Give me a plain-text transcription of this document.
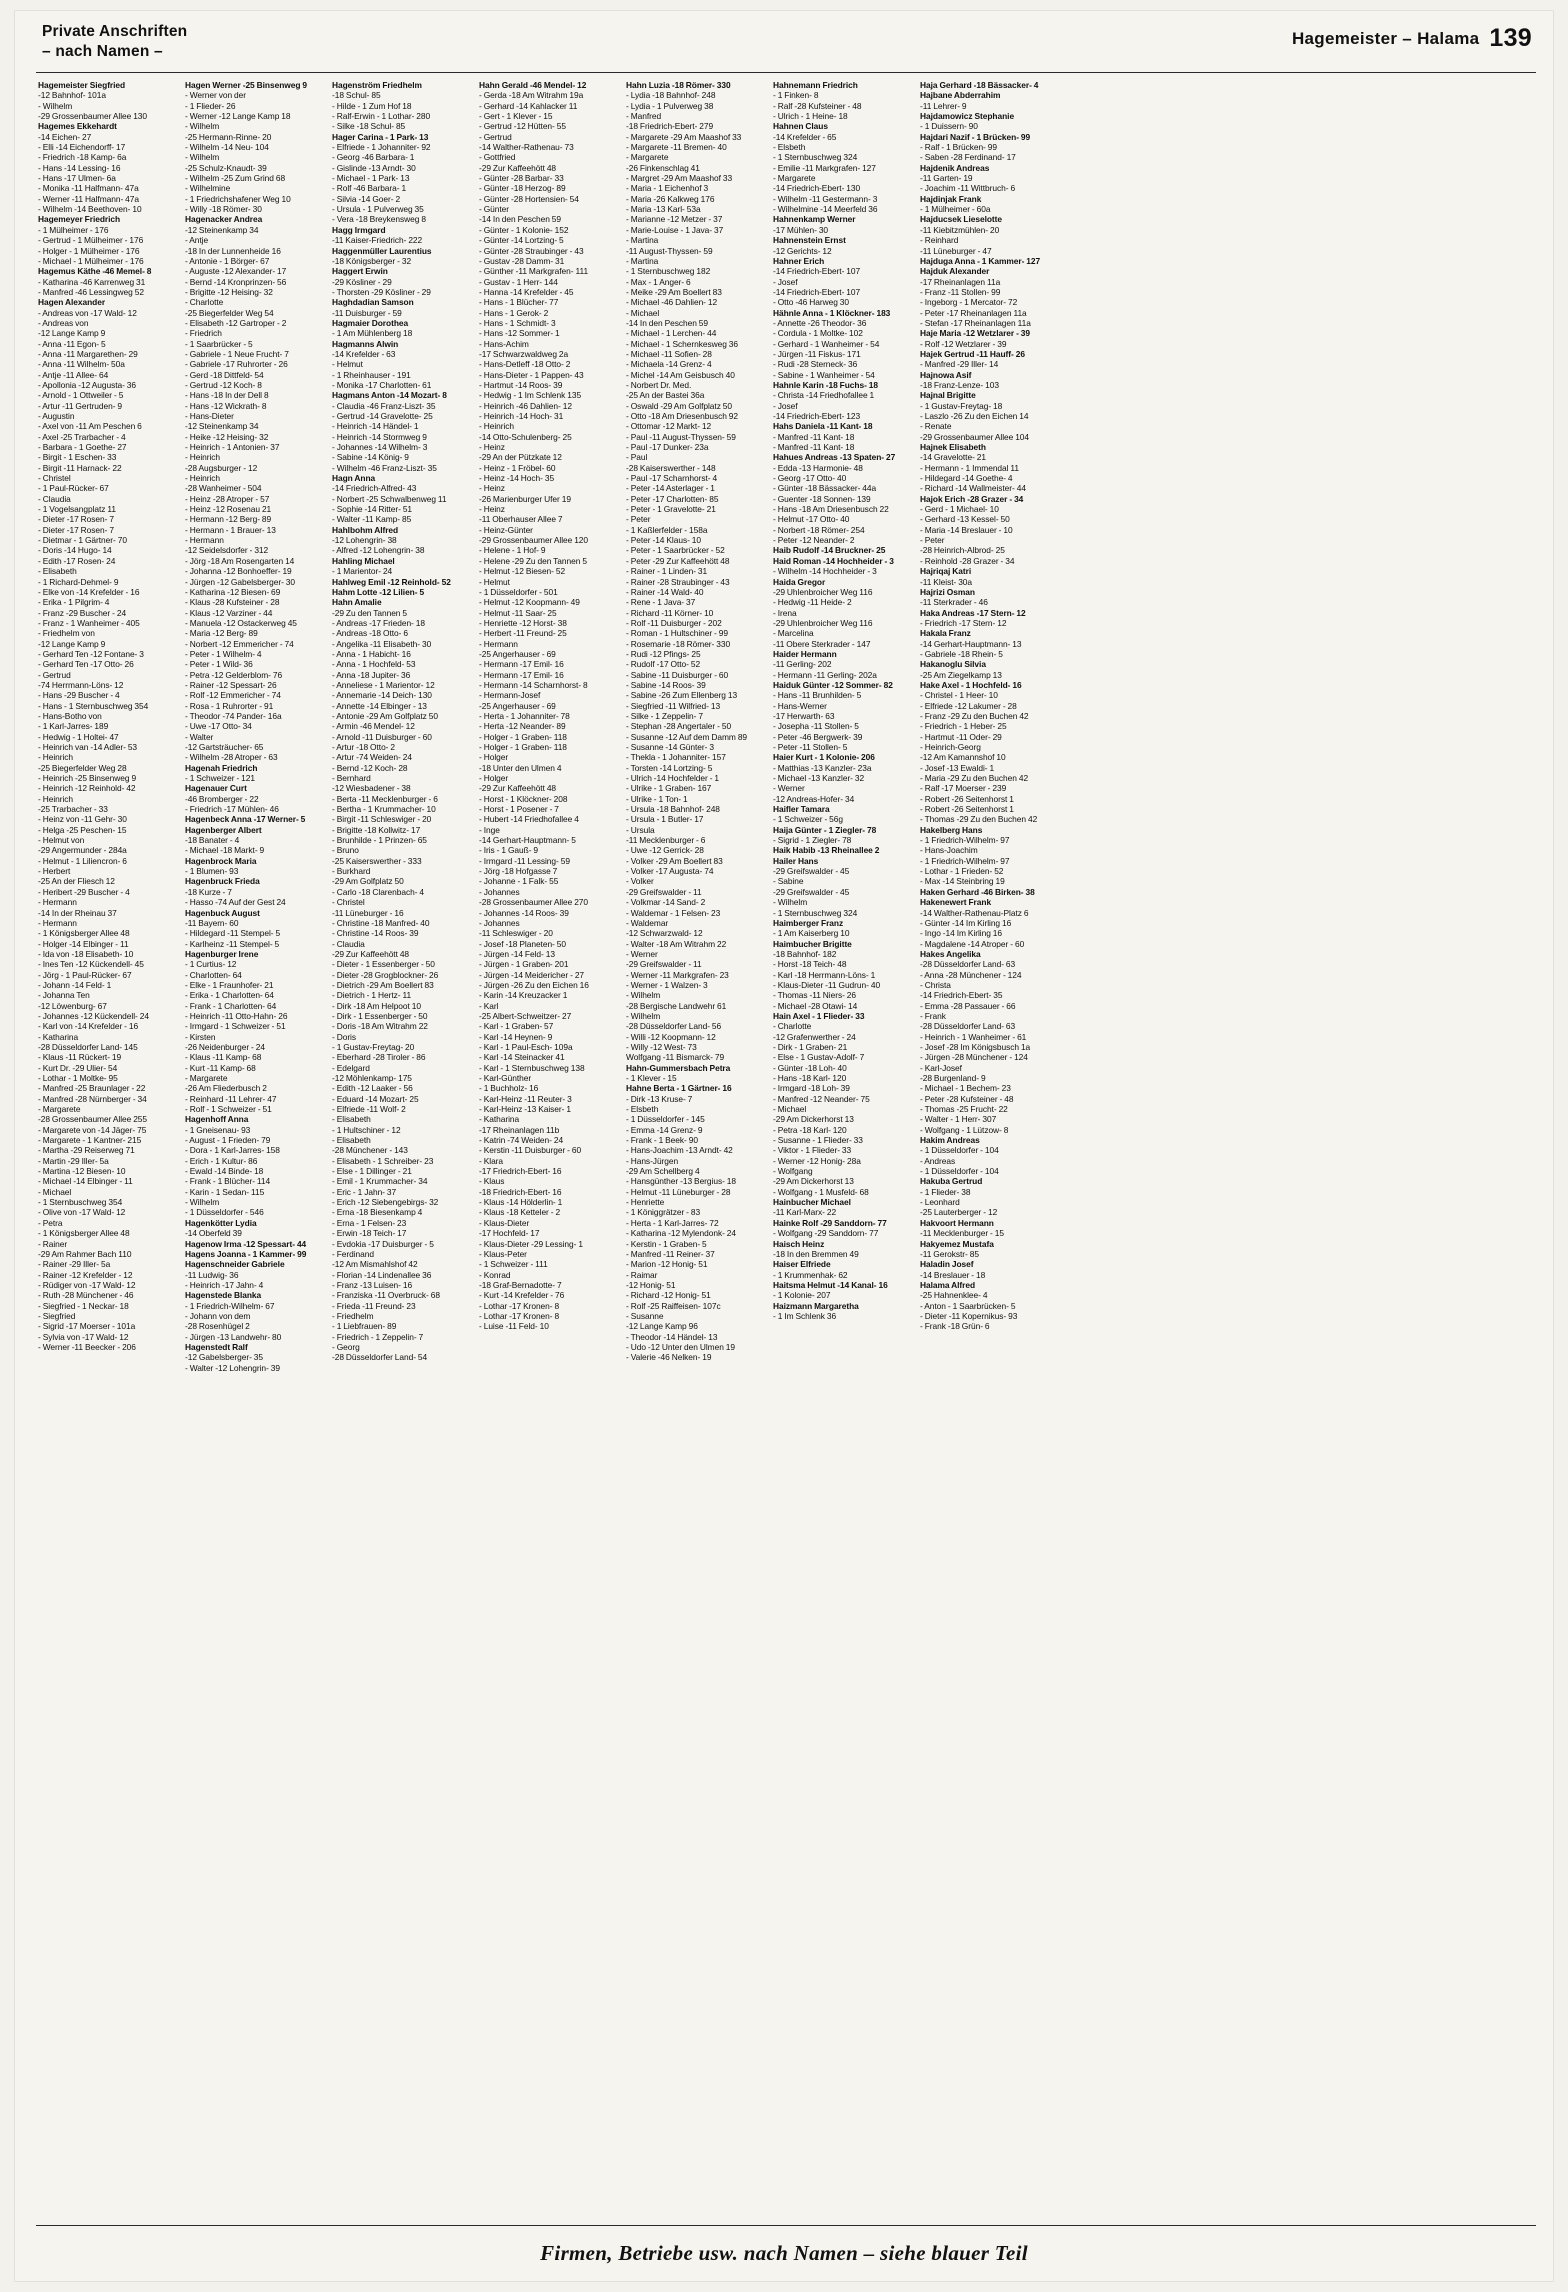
Private Anschriften
– nach Namen –
Hagemeister – Halama 139
Hagemeister Siegfried
-12 Bahnhof- 101a
- Wilhelm
-29 Grossenbaumer Allee 130
Hagemes Ekkehardt
-14 Eichen- 27
- Elli -14 Eichendorff- 17
- Friedrich -18 Kamp- 6a
- Hans -14 Lessing- 16
- Hans -17 Ulmen- 6a
- Monika -11 Halfmann- 47a
- Werner -11 Halfmann- 47a
- Wilhelm -14 Beethoven- 10
Hagemeyer Friedrich
- 1 Mülheimer - 176
- Gertrud - 1 Mülheimer - 176
- Holger - 1 Mülheimer - 176
- Michael - 1 Mülheimer - 176
Hagemus Käthe -46 Memel- 8
- Katharina -46 Karrenweg 31
- Manfred -46 Lessingweg 52
Hagen Alexander
- Andreas von -17 Wald- 12
- Andreas von
-12 Lange Kamp 9
- Anna -11 Egon- 5
- Anna -11 Margarethen- 29
- Anna -11 Wilhelm- 50a
- Antje -11 Allee- 64
- Apollonia -12 Augusta- 36
- Arnold - 1 Ottweiler - 5
- Artur -11 Gertruden- 9
- Augustin
- Axel von -11 Am Peschen 6
- Axel -25 Trarbacher - 4
- Barbara - 1 Goethe- 27
- Birgit - 1 Eschen- 33
- Birgit -11 Harnack- 22
- Christel
- 1 Paul-Rücker- 67
- Claudia
- 1 Vogelsangplatz 11
- Dieter -17 Rosen- 7
- Dieter -17 Rosen- 7
- Dietmar - 1 Gärtner- 70
- Doris -14 Hugo- 14
- Edith -17 Rosen- 24
- Elisabeth
- 1 Richard-Dehmel- 9
- Elke von -14 Krefelder - 16
- Erika - 1 Pilgrim- 4
- Franz -29 Buscher - 24
- Franz - 1 Wanheimer - 405
- Friedhelm von
-12 Lange Kamp 9
- Gerhard Ten -12 Fontane- 3
- Gerhard Ten -17 Otto- 26
- Gertrud
-74 Herrmann-Löns- 12
- Hans -29 Buscher - 4
- Hans - 1 Sternbuschweg 354
- Hans-Botho von
- 1 Karl-Jarres- 189
- Hedwig - 1 Holtei- 47
- Heinrich van -14 Adler- 53
- Heinrich
-25 Biegerfelder Weg 28
- Heinrich -25 Binsenweg 9
- Heinrich -12 Reinhold- 42
- Heinrich
-25 Trarbacher - 33
- Heinz von -11 Gehr- 30
- Helga -25 Peschen- 15
- Helmut von
-29 Angermunder - 284a
- Helmut - 1 Liliencron- 6
- Herbert
-25 An der Fliesch 12
- Heribert -29 Buscher - 4
- Hermann
-14 In der Rheinau 37
- Hermann
- 1 Königsberger Allee 48
- Holger -14 Elbinger - 11
- Ida von -18 Elisabeth- 10
- Ines Ten -12 Kückendell- 45
- Jörg - 1 Paul-Rücker- 67
- Johann -14 Feld- 1
- Johanna Ten
-12 Löwenburg- 67
- Johannes -12 Kückendell- 24
- Karl von -14 Krefelder - 16
- Katharina
-28 Düsseldorfer Land- 145
- Klaus -11 Rückert- 19
- Kurt Dr. -29 Ulier- 54
- Lothar - 1 Moltke- 95
- Manfred -25 Braunlager - 22
- Manfred -28 Nürnberger - 34
- Margarete
-28 Grossenbaumer Allee 255
- Margarete von -14 Jäger- 75
- Margarete - 1 Kantner- 215
- Martha -29 Reiserweg 71
- Martin -29 Iller- 5a
- Martina -12 Biesen- 10
- Michael -14 Elbinger - 11
- Michael
- 1 Sternbuschweg 354
- Olive von -17 Wald- 12
- Petra
- 1 Königsberger Allee 48
- Rainer
-29 Am Rahmer Bach 110
- Rainer -29 Iller- 5a
- Rainer -12 Krefelder - 12
- Rüdiger von -17 Wald- 12
- Ruth -28 Münchener - 46
- Siegfried - 1 Neckar- 18
- Siegfried
- Sigrid -17 Moerser - 101a
- Sylvia von -17 Wald- 12
- Werner -11 Beecker - 206
Hagen Werner -25 Binsenweg 9
- Werner von der
- 1 Flieder- 26
- Werner -12 Lange Kamp 18
- Wilhelm
-25 Hermann-Rinne- 20
- Wilhelm -14 Neu- 104
- Wilhelm
-25 Schulz-Knaudt- 39
- Wilhelm -25 Zum Grind 68
- Wilhelmine
- 1 Friedrichshafener Weg 10
- Willy -18 Römer- 30
Hagenacker Andrea
-12 Steinenkamp 34
- Antje
-18 In der Lunnenheide 16
- Antonie - 1 Börger- 67
- Auguste -12 Alexander- 17
- Bernd -14 Kronprinzen- 56
- Brigitte -12 Heising- 32
- Charlotte
-25 Biegerfelder Weg 54
- Elisabeth -12 Gartroper - 2
- Friedrich
- 1 Saarbrücker - 5
- Gabriele - 1 Neue Frucht- 7
- Gabriele -17 Ruhrorter - 26
- Gerd -18 Dittfeld- 54
- Gertrud -12 Koch- 8
- Hans -18 In der Dell 8
- Hans -12 Wickrath- 8
- Hans-Dieter
-12 Steinenkamp 34
- Heike -12 Heising- 32
- Heinrich - 1 Antonien- 37
- Heinrich
-28 Augsburger - 12
- Heinrich
-28 Wanheimer - 504
- Heinz -28 Atroper - 57
- Heinz -12 Rosenau 21
- Hermann -12 Berg- 89
- Hermann - 1 Brauer- 13
- Hermann
-12 Seidelsdorfer - 312
- Jörg -18 Am Rosengarten 14
- Johanna -12 Bonhoeffer- 19
- Jürgen -12 Gabelsberger- 30
- Katharina -12 Biesen- 69
- Klaus -28 Kufsteiner - 28
- Klaus -12 Varziner - 44
- Manuela -12 Ostackerweg 45
- Maria -12 Berg- 89
- Norbert -12 Emmericher - 74
- Peter - 1 Wilhelm- 4
- Peter - 1 Wild- 36
- Petra -12 Gelderblom- 76
- Rainer -12 Spessart- 26
- Rolf -12 Emmericher - 74
- Rosa - 1 Ruhrorter - 91
- Theodor -74 Pander- 16a
- Uwe -17 Otto- 34
- Walter
-12 Gartsträucher- 65
- Wilhelm -28 Atroper - 63
Hagenah Friedrich
- 1 Schweizer - 121
Hagenauer Curt
-46 Bromberger - 22
- Friedrich -17 Mühlen- 46
Hagenbeck Anna -17 Werner- 5
Hagenberger Albert
-18 Banater - 4
- Michael -18 Markt- 9
Hagenbrock Maria
- 1 Blumen- 93
Hagenbruck Frieda
-18 Kurze - 7
- Hasso -74 Auf der Gest 24
Hagenbuck August
-11 Bayern- 60
- Hildegard -11 Stempel- 5
- Karlheinz -11 Stempel- 5
Hagenburger Irene
- 1 Curtius- 12
- Charlotten- 64
- Elke - 1 Fraunhofer- 21
- Erika - 1 Charlotten- 64
- Frank - 1 Charlotten- 64
- Heinrich -11 Otto-Hahn- 26
- Irmgard - 1 Schweizer - 51
- Kirsten
-26 Neidenburger - 24
- Klaus -11 Kamp- 68
- Kurt -11 Kamp- 68
- Margarete
-26 Am Fliederbusch 2
- Reinhard -11 Lehrer- 47
- Rolf - 1 Schweizer - 51
Hagenhoff Anna
- 1 Gneisenau- 93
- August - 1 Frieden- 79
- Dora - 1 Karl-Jarres- 158
- Erich - 1 Kultur- 86
- Ewald -14 Binde- 18
- Frank - 1 Blücher- 114
- Karin - 1 Sedan- 115
- Wilhelm
- 1 Düsseldorfer - 546
Hagenkötter Lydia
-14 Oberfeld 39
Hagenow Irma -12 Spessart- 44
Hagens Joanna - 1 Kammer- 99
Hagenschneider Gabriele
-11 Ludwig- 36
- Heinrich -17 Jahn- 4
Hagenstede Blanka
- 1 Friedrich-Wilhelm- 67
- Johann von dem
-28 Rosenhügel 2
- Jürgen -13 Landwehr- 80
Hagenstedt Ralf
-12 Gabelsberger- 35
- Walter -12 Lohengrin- 39
Hagenström Friedhelm
-18 Schul- 85
- Hilde - 1 Zum Hof 18
- Ralf-Erwin - 1 Lothar- 280
- Silke -18 Schul- 85
Hager Carina - 1 Park- 13
- Elfriede - 1 Johanniter- 92
- Georg -46 Barbara- 1
- Gislinde -13 Arndt- 30
- Michael - 1 Park- 13
- Rolf -46 Barbara- 1
- Silvia -14 Goer- 2
- Ursula - 1 Pulverweg 35
- Vera -18 Breykensweg 8
Hagg Irmgard
-11 Kaiser-Friedrich- 222
Haggenmüller Laurentius
-18 Königsberger - 32
Haggert Erwin
-29 Kösliner - 29
- Thorsten -29 Kösliner - 29
Haghdadian Samson
-11 Duisburger - 59
Hagmaier Dorothea
- 1 Am Mühlenberg 18
Hagmanns Alwin
-14 Krefelder - 63
- Helmut
- 1 Rheinhauser - 191
- Monika -17 Charlotten- 61
Hagmans Anton -14 Mozart- 8
- Claudia -46 Franz-Liszt- 35
- Gertrud -14 Gravelotte- 25
- Heinrich -14 Händel- 1
- Heinrich -14 Stormweg 9
- Johannes -14 Wilhelm- 3
- Sabine -14 König- 9
- Wilhelm -46 Franz-Liszt- 35
Hagn Anna
-14 Friedrich-Alfred- 43
- Norbert -25 Schwalbenweg 11
- Sophie -14 Ritter- 51
- Walter -11 Kamp- 85
Hahlbohm Alfred
-12 Lohengrin- 38
- Alfred -12 Lohengrin- 38
Hahling Michael
- 1 Marientor- 24
Hahlweg Emil -12 Reinhold- 52
Hahm Lotte -12 Lilien- 5
Hahn Amalie
-29 Zu den Tannen 5
- Andreas -17 Frieden- 18
- Andreas -18 Otto- 6
- Angelika -11 Elisabeth- 30
- Anna - 1 Habicht- 16
- Anna - 1 Hochfeld- 53
- Anna -18 Jupiter- 36
- Anneliese - 1 Marientor- 12
- Annemarie -14 Deich- 130
- Annette -14 Elbinger - 13
- Antonie -29 Am Golfplatz 50
- Armin -46 Mendel- 12
- Arnold -11 Duisburger - 60
- Artur -18 Otto- 2
- Artur -74 Weiden- 24
- Bernd -12 Koch- 28
- Bernhard
-12 Wiesbadener - 38
- Berta -11 Mecklenburger - 6
- Bertha - 1 Krummacher- 10
- Birgit -11 Schleswiger - 20
- Brigitte -18 Kollwitz- 17
- Brunhilde - 1 Prinzen- 65
- Bruno
-25 Kaiserswerther - 333
- Burkhard
-29 Am Golfplatz 50
- Carlo -18 Clarenbach- 4
- Christel
-11 Lüneburger - 16
- Christine -18 Manfred- 40
- Christine -14 Roos- 39
- Claudia
-29 Zur Kaffeehött 48
- Dieter - 1 Essenberger - 50
- Dieter -28 Grogblockner- 26
- Dietrich -29 Am Boellert 83
- Dietrich - 1 Hertz- 11
- Dirk -18 Am Helpoot 10
- Dirk - 1 Essenberger - 50
- Doris -18 Am Witrahm 22
- Doris
- 1 Gustav-Freytag- 20
- Eberhard -28 Tiroler - 86
- Edelgard
-12 Möhlenkamp- 175
- Edith -12 Laaker - 56
- Eduard -14 Mozart- 25
- Elfriede -11 Wolf- 2
- Elisabeth
- 1 Hultschiner - 12
- Elisabeth
-28 Münchener - 143
- Elisabeth - 1 Schreiber- 23
- Else - 1 Dillinger - 21
- Emil - 1 Krummacher- 34
- Eric - 1 Jahn- 37
- Erich -12 Siebengebirgs- 32
- Erna -18 Biesenkamp 4
- Erna - 1 Felsen- 23
- Erwin -18 Teich- 17
- Evdokia -17 Duisburger - 5
- Ferdinand
-12 Am Mismahlshof 42
- Florian -14 Lindenallee 36
- Franz -13 Luisen- 16
- Franziska -11 Overbruck- 68
- Frieda -11 Freund- 23
- Friedhelm
- 1 Liebfrauen- 89
- Friedrich - 1 Zeppelin- 7
- Georg
-28 Düsseldorfer Land- 54
Hahn Gerald -46 Mendel- 12
- Gerda -18 Am Witrahm 19a
- Gerhard -14 Kahlacker 11
- Gert - 1 Klever - 15
- Gertrud -12 Hütten- 55
- Gertrud
-14 Walther-Rathenau- 73
- Gottfried
-29 Zur Kaffeehött 48
- Günter -28 Barbar- 33
- Günter -18 Herzog- 89
- Günter -28 Hortensien- 54
- Günter
-14 In den Peschen 59
- Günter - 1 Kolonie- 152
- Günter -14 Lortzing- 5
- Günter -28 Straubinger - 43
- Gustav -28 Damm- 31
- Günther -11 Markgrafen- 111
- Gustav - 1 Herr- 144
- Hanna -14 Krefelder - 45
- Hans - 1 Blücher- 77
- Hans - 1 Gerok- 2
- Hans - 1 Schmidt- 3
- Hans -12 Sommer- 1
- Hans-Achim
-17 Schwarzwaldweg 2a
- Hans-Detleff -18 Otto- 2
- Hans-Dieter - 1 Pappen- 43
- Hartmut -14 Roos- 39
- Hedwig - 1 Im Schlenk 135
- Heinrich -46 Dahlien- 12
- Heinrich -14 Hoch- 31
- Heinrich
-14 Otto-Schulenberg- 25
- Heinz
-29 An der Pützkate 12
- Heinz - 1 Fröbel- 60
- Heinz -14 Hoch- 35
- Heinz
-26 Marienburger Ufer 19
- Heinz
-11 Oberhauser Allee 7
- Heinz-Günter
-29 Grossenbaumer Allee 120
- Helene - 1 Hof- 9
- Helene -29 Zu den Tannen 5
- Helmut -12 Biesen- 52
- Helmut
- 1 Düsseldorfer - 501
- Helmut -12 Koopmann- 49
- Helmut -11 Saar- 25
- Henriette -12 Horst- 38
- Herbert -11 Freund- 25
- Hermann
-25 Angerhauser - 69
- Hermann -17 Emil- 16
- Hermann -17 Emil- 16
- Hermann -14 Scharnhorst- 8
- Hermann-Josef
-25 Angerhauser - 69
- Herta - 1 Johanniter- 78
- Herta -12 Neander- 89
- Holger - 1 Graben- 118
- Holger - 1 Graben- 118
- Holger
-18 Unter den Ulmen 4
- Holger
-29 Zur Kaffeehött 48
- Horst - 1 Klöckner- 208
- Horst - 1 Posener - 7
- Hubert -14 Friedhofallee 4
- Inge
-14 Gerhart-Hauptmann- 5
- Iris - 1 Gauß- 9
- Irmgard -11 Lessing- 59
- Jörg -18 Hofgasse 7
- Johanne - 1 Falk- 55
- Johannes
-28 Grossenbaumer Allee 270
- Johannes -14 Roos- 39
- Johannes
-11 Schleswiger - 20
- Josef -18 Planeten- 50
- Jürgen -14 Feld- 13
- Jürgen - 1 Graben- 201
- Jürgen -14 Meidericher - 27
- Jürgen -26 Zu den Eichen 16
- Karin -14 Kreuzacker 1
- Karl
-25 Albert-Schweitzer- 27
- Karl - 1 Graben- 57
- Karl -14 Heynen- 9
- Karl - 1 Paul-Esch- 109a
- Karl -14 Steinacker 41
- Karl - 1 Sternbuschweg 138
- Karl-Günther
- 1 Buchholz- 16
- Karl-Heinz -11 Reuter- 3
- Karl-Heinz -13 Kaiser- 1
- Katharina
-17 Rheinanlagen 11b
- Katrin -74 Weiden- 24
- Kerstin -11 Duisburger - 60
- Klara
-17 Friedrich-Ebert- 16
- Klaus
-18 Friedrich-Ebert- 16
- Klaus -14 Hölderlin- 1
- Klaus -18 Ketteler - 2
- Klaus-Dieter
-17 Hochfeld- 17
- Klaus-Dieter -29 Lessing- 1
- Klaus-Peter
- 1 Schweizer - 111
- Konrad
-18 Graf-Bernadotte- 7
- Kurt -14 Krefelder - 76
- Lothar -17 Kronen- 8
- Lothar -17 Kronen- 8
- Luise -11 Feld- 10
Hahn Luzia -18 Römer- 330
- Lydia -18 Bahnhof- 248
- Lydia - 1 Pulverweg 38
- Manfred
-18 Friedrich-Ebert- 279
- Margarete -29 Am Maashof 33
- Margarete -11 Bremen- 40
- Margarete
-26 Finkenschlag 41
- Margret -29 Am Maashof 33
- Maria - 1 Eichenhof 3
- Maria -26 Kalkweg 176
- Maria -13 Karl- 53a
- Marianne -12 Metzer - 37
- Marie-Louise - 1 Java- 37
- Martina
-11 August-Thyssen- 59
- Martina
- 1 Sternbuschweg 182
- Max - 1 Anger- 6
- Meike -29 Am Boellert 83
- Michael -46 Dahlien- 12
- Michael
-14 In den Peschen 59
- Michael - 1 Lerchen- 44
- Michael - 1 Schernkesweg 36
- Michael -11 Sofien- 28
- Michaela -14 Grenz- 4
- Michel -14 Am Geisbusch 40
- Norbert Dr. Med.
-25 An der Bastei 36a
- Oswald -29 Am Golfplatz 50
- Otto -18 Am Driesenbusch 92
- Ottomar -12 Markt- 12
- Paul -11 August-Thyssen- 59
- Paul -17 Dunker- 23a
- Paul
-28 Kaiserswerther - 148
- Paul -17 Scharnhorst- 4
- Peter -14 Asterlager - 1
- Peter -17 Charlotten- 85
- Peter - 1 Gravelotte- 21
- Peter
- 1 Kaßlerfelder - 158a
- Peter -14 Klaus- 10
- Peter - 1 Saarbrücker - 52
- Peter -29 Zur Kaffeehött 48
- Rainer - 1 Linden- 31
- Rainer -28 Straubinger - 43
- Rainer -14 Wald- 40
- Rene - 1 Java- 37
- Richard -11 Körner- 10
- Rolf -11 Duisburger - 202
- Roman - 1 Hultschiner - 99
- Rosemarie -18 Römer- 330
- Rudi -12 Pfings- 25
- Rudolf -17 Otto- 52
- Sabine -11 Duisburger - 60
- Sabine -14 Roos- 39
- Sabine -26 Zum Ellenberg 13
- Siegfried -11 Wilfried- 13
- Silke - 1 Zeppelin- 7
- Stephan -28 Angertaler - 50
- Susanne -12 Auf dem Damm 89
- Susanne -14 Günter- 3
- Thekla - 1 Johanniter- 157
- Torsten -14 Lortzing- 5
- Ulrich -14 Hochfelder - 1
- Ulrike - 1 Graben- 167
- Ulrike - 1 Ton- 1
- Ursula -18 Bahnhof- 248
- Ursula - 1 Butler- 17
- Ursula
-11 Mecklenburger - 6
- Uwe -12 Gerrick- 28
- Volker -29 Am Boellert 83
- Volker -17 Augusta- 74
- Volker
-29 Greifswalder - 11
- Volkmar -14 Sand- 2
- Waldemar - 1 Felsen- 23
- Waldemar
-12 Schwarzwald- 12
- Walter -18 Am Witrahm 22
- Werner
-29 Greifswalder - 11
- Werner -11 Markgrafen- 23
- Werner - 1 Walzen- 3
- Wilhelm
-28 Bergische Landwehr 61
- Wilhelm
-28 Düsseldorfer Land- 56
- Willi -12 Koopmann- 12
- Willy -12 West- 73
Wolfgang -11 Bismarck- 79
Hahn-Gummersbach Petra
- 1 Klever - 15
Hahne Berta - 1 Gärtner- 16
- Dirk -13 Kruse- 7
- Elsbeth
- 1 Düsseldorfer - 145
- Emma -14 Grenz- 9
- Frank - 1 Beek- 90
- Hans-Joachim -13 Arndt- 42
- Hans-Jürgen
-29 Am Schellberg 4
- Hansgünther -13 Bergius- 18
- Helmut -11 Lüneburger - 28
- Henriette
- 1 Königgrätzer - 83
- Herta - 1 Karl-Jarres- 72
- Katharina -12 Mylendonk- 24
- Kerstin - 1 Graben- 5
- Manfred -11 Reiner- 37
- Marion -12 Honig- 51
- Raimar
-12 Honig- 51
- Richard -12 Honig- 51
- Rolf -25 Raiffeisen- 107c
- Susanne
-12 Lange Kamp 96
- Theodor -14 Händel- 13
- Udo -12 Unter den Ulmen 19
- Valerie -46 Nelken- 19
Hahnemann Friedrich
- 1 Finken- 8
- Ralf -28 Kufsteiner - 48
- Ulrich - 1 Heine- 18
Hahnen Claus
-14 Krefelder - 65
- Elsbeth
- 1 Sternbuschweg 324
- Emilie -11 Markgrafen- 127
- Margarete
-14 Friedrich-Ebert- 130
- Wilhelm -11 Gestermann- 3
- Wilhelmine -14 Meerfeld 36
Hahnenkamp Werner
-17 Mühlen- 30
Hahnenstein Ernst
-12 Gerichts- 12
Hahner Erich
-14 Friedrich-Ebert- 107
- Josef
-14 Friedrich-Ebert- 107
- Otto -46 Harweg 30
Hähnle Anna - 1 Klöckner- 183
- Annette -26 Theodor- 36
- Cordula - 1 Moltke- 102
- Gerhard - 1 Wanheimer - 54
- Jürgen -11 Fiskus- 171
- Rudi -28 Sterneck- 36
- Sabine - 1 Wanheimer - 54
Hahnle Karin -18 Fuchs- 18
- Christa -14 Friedhofallee 1
- Josef
-14 Friedrich-Ebert- 123
Hahs Daniela -11 Kant- 18
- Manfred -11 Kant- 18
- Manfred -11 Kant- 18
Hahues Andreas -13 Spaten- 27
- Edda -13 Harmonie- 48
- Georg -17 Otto- 40
- Günter -18 Bässacker- 44a
- Guenter -18 Sonnen- 139
- Hans -18 Am Driesenbusch 22
- Helmut -17 Otto- 40
- Norbert -18 Römer- 254
- Peter -12 Neander- 2
Haib Rudolf -14 Bruckner- 25
Haid Roman -14 Hochheider - 3
- Wilhelm -14 Hochheider - 3
Haida Gregor
-29 Uhlenbroicher Weg 116
- Hedwig -11 Heide- 2
- Irena
-29 Uhlenbroicher Weg 116
- Marcelina
-11 Obere Sterkrader - 147
Haider Hermann
-11 Gerling- 202
- Hermann -11 Gerling- 202a
Haiduk Günter -12 Sommer- 82
- Hans -11 Brunhilden- 5
- Hans-Werner
-17 Herwarth- 63
- Josepha -11 Stollen- 5
- Peter -46 Bergwerk- 39
- Peter -11 Stollen- 5
Haier Kurt - 1 Kolonie- 206
- Matthias -13 Kanzler- 23a
- Michael -13 Kanzler- 32
- Werner
-12 Andreas-Hofer- 34
Haifler Tamara
- 1 Schweizer - 56g
Haija Günter - 1 Ziegler- 78
- Sigrid - 1 Ziegler- 78
Haik Habib -13 Rheinallee 2
Hailer Hans
-29 Greifswalder - 45
- Sabine
-29 Greifswalder - 45
- Wilhelm
- 1 Sternbuschweg 324
Haimberger Franz
- 1 Am Kaiserberg 10
Haimbucher Brigitte
-18 Bahnhof- 182
- Horst -18 Teich- 48
- Karl -18 Herrmann-Löns- 1
- Klaus-Dieter -11 Gudrun- 40
- Thomas -11 Niers- 26
- Michael -28 Otawi- 14
Hain Axel - 1 Flieder- 33
- Charlotte
-12 Grafenwerther - 24
- Dirk - 1 Graben- 21
- Else - 1 Gustav-Adolf- 7
- Günter -18 Loh- 40
- Hans -18 Karl- 120
- Irmgard -18 Loh- 39
- Manfred -12 Neander- 75
- Michael
-29 Am Dickerhorst 13
- Petra -18 Karl- 120
- Susanne - 1 Flieder- 33
- Viktor - 1 Flieder- 33
- Werner -12 Honig- 28a
- Wolfgang
-29 Am Dickerhorst 13
- Wolfgang - 1 Musfeld- 68
Hainbucher Michael
-11 Karl-Marx- 22
Hainke Rolf -29 Sanddorn- 77
- Wolfgang -29 Sanddorn- 77
Haisch Heinz
-18 In den Bremmen 49
Haiser Elfriede
- 1 Krummenhak- 62
Haitsma Helmut -14 Kanal- 16
- 1 Kolonie- 207
Haizmann Margaretha
- 1 Im Schlenk 36
Haja Gerhard -18 Bässacker- 4
Hajbane Abderrahim
-11 Lehrer- 9
Hajdamowicz Stephanie
- 1 Duissern- 90
Hajdari Nazif - 1 Brücken- 99
- Ralf - 1 Brücken- 99
- Saben -28 Ferdinand- 17
Hajdenik Andreas
-11 Garten- 19
- Joachim -11 Wittbruch- 6
Hajdinjak Frank
- 1 Mülheimer - 60a
Hajducsek Lieselotte
-11 Kiebitzmühlen- 20
- Reinhard
-11 Lüneburger - 47
Hajduga Anna - 1 Kammer- 127
Hajduk Alexander
-17 Rheinanlagen 11a
- Franz -11 Stollen- 99
- Ingeborg - 1 Mercator- 72
- Peter -17 Rheinanlagen 11a
- Stefan -17 Rheinanlagen 11a
Haje Maria -12 Wetzlarer - 39
- Rolf -12 Wetzlarer - 39
Hajek Gertrud -11 Hauff- 26
- Manfred -29 Iller- 14
Hajnowa Asif
-18 Franz-Lenze- 103
Hajnal Brigitte
- 1 Gustav-Freytag- 18
- Laszlo -26 Zu den Eichen 14
- Renate
-29 Grossenbaumer Allee 104
Hajnek Elisabeth
-14 Gravelotte- 21
- Hermann - 1 Immendal 11
- Hildegard -14 Goethe- 4
- Richard -14 Wallmeister- 44
Hajok Erich -28 Grazer - 34
- Gerd - 1 Michael- 10
- Gerhard -13 Kessel- 50
- Maria -14 Breslauer - 10
- Peter
-28 Heinrich-Albrod- 25
- Reinhold -28 Grazer - 34
Hajriqaj Katri
-11 Kleist- 30a
Hajrizi Osman
-11 Sterkrader - 46
Haka Andreas -17 Stern- 12
- Friedrich -17 Stern- 12
Hakala Franz
-14 Gerhart-Hauptmann- 13
- Gabriele -18 Rhein- 5
Hakanoglu Silvia
-25 Am Ziegelkamp 13
Hake Axel - 1 Hochfeld- 16
- Christel - 1 Heer- 10
- Elfriede -12 Lakumer - 28
- Franz -29 Zu den Buchen 42
- Friedrich - 1 Heber- 25
- Hartmut -11 Oder- 29
- Heinrich-Georg
-12 Am Kamannshof 10
- Josef -13 Ewaldi- 1
- Maria -29 Zu den Buchen 42
- Ralf -17 Moerser - 239
- Robert -26 Seitenhorst 1
- Robert -26 Seitenhorst 1
- Thomas -29 Zu den Buchen 42
Hakelberg Hans
- 1 Friedrich-Wilhelm- 97
- Hans-Joachim
- 1 Friedrich-Wilhelm- 97
- Lothar - 1 Frieden- 52
- Max -14 Steinbring 19
Haken Gerhard -46 Birken- 38
Hakenewert Frank
-14 Walther-Rathenau-Platz 6
- Günter -14 Im Kirling 16
- Ingo -14 Im Kirling 16
- Magdalene -14 Atroper - 60
Hakes Angelika
-28 Düsseldorfer Land- 63
- Anna -28 Münchener - 124
- Christa
-14 Friedrich-Ebert- 35
- Emma -28 Passauer - 66
- Frank
-28 Düsseldorfer Land- 63
- Heinrich - 1 Wanheimer - 61
- Josef -28 Im Königsbusch 1a
- Jürgen -28 Münchener - 124
- Karl-Josef
-28 Burgenland- 9
- Michael - 1 Bechem- 23
- Peter -28 Kufsteiner - 48
- Thomas -25 Frucht- 22
- Walter - 1 Herr- 307
- Wolfgang - 1 Lützow- 8
Hakim Andreas
- 1 Düsseldorfer - 104
- Andreas
- 1 Düsseldorfer - 104
Hakuba Gertrud
- 1 Flieder- 38
- Leonhard
-25 Lauterberger - 12
Hakvoort Hermann
-11 Mecklenburger - 15
Hakyemez Mustafa
-11 Gerokstr- 85
Haladin Josef
-14 Breslauer - 18
Halama Alfred
-25 Hahnenklee- 4
- Anton - 1 Saarbrücken- 5
- Dieter -11 Kopernikus- 93
- Frank -18 Grün- 6
Firmen, Betriebe usw. nach Namen – siehe blauer Teil
